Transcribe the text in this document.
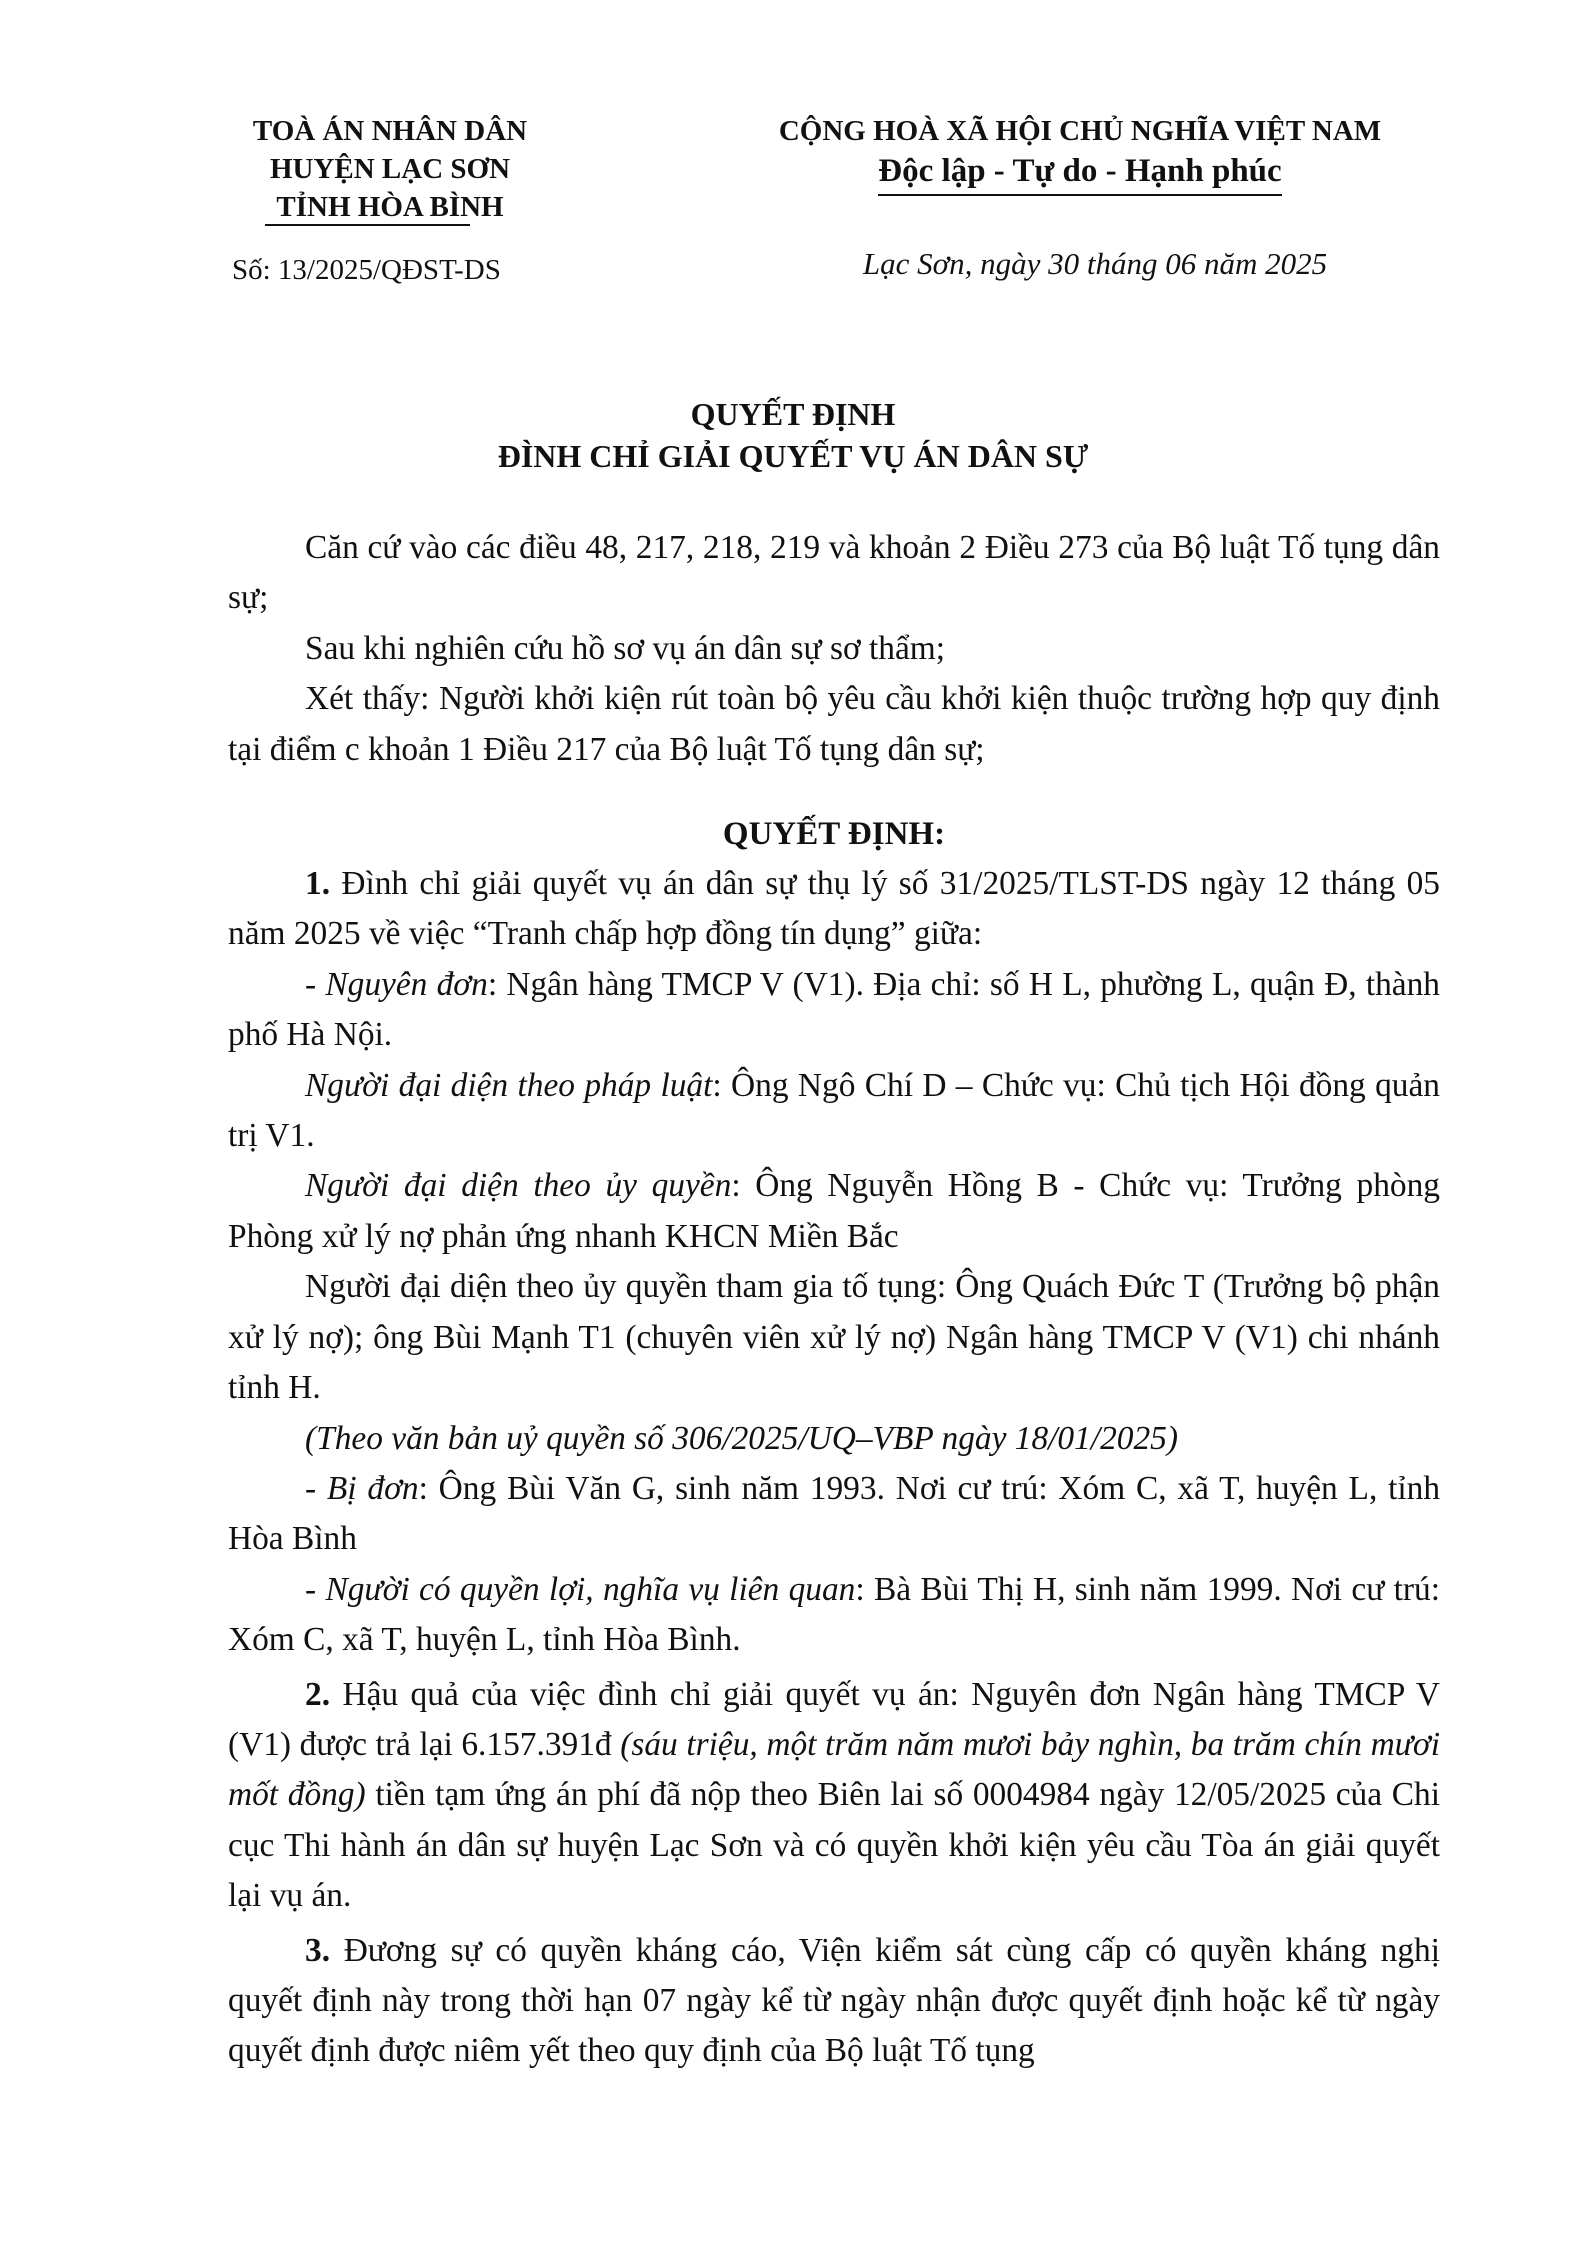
TOÀ ÁN NHÂN DÂN
HUYỆN LẠC SƠN
TỈNH HÒA BÌNH
CỘNG HOÀ XÃ HỘI CHỦ NGHĨA VIỆT NAM
Độc lập - Tự do - Hạnh phúc
Số: 13/2025/QĐST-DS	Lạc Sơn, ngày 30 tháng 06 năm 2025
QUYẾT ĐỊNH
ĐÌNH CHỈ GIẢI QUYẾT VỤ ÁN DÂN SỰ

Căn cứ vào các điều 48, 217, 218, 219 và khoản 2 Điều 273 của Bộ luật Tố tụng dân sự;

Sau khi nghiên cứu hồ sơ vụ án dân sự sơ thẩm;

Xét thấy: Người khởi kiện rút toàn bộ yêu cầu khởi kiện thuộc trường hợp quy định tại điểm c khoản 1 Điều 217 của Bộ luật Tố tụng dân sự;

QUYẾT ĐỊNH:

1. Đình chỉ giải quyết vụ án dân sự thụ lý số 31/2025/TLST-DS ngày 12 tháng 05 năm 2025 về việc “Tranh chấp hợp đồng tín dụng” giữa:

- Nguyên đơn: Ngân hàng TMCP V (V1). Địa chỉ: số H L, phường L, quận Đ, thành phố Hà Nội.

Người đại diện theo pháp luật: Ông Ngô Chí D – Chức vụ: Chủ tịch Hội đồng quản trị V1.

Người đại diện theo ủy quyền: Ông Nguyễn Hồng B - Chức vụ: Trưởng phòng Phòng xử lý nợ phản ứng nhanh KHCN Miền Bắc

Người đại diện theo ủy quyền tham gia tố tụng: Ông Quách Đức T (Trưởng bộ phận xử lý nợ); ông Bùi Mạnh T1 (chuyên viên xử lý nợ) Ngân hàng TMCP V (V1) chi nhánh tỉnh H.

(Theo văn bản uỷ quyền số 306/2025/UQ–VBP ngày 18/01/2025)

- Bị đơn: Ông Bùi Văn G, sinh năm 1993. Nơi cư trú: Xóm C, xã T, huyện L, tỉnh Hòa Bình

- Người có quyền lợi, nghĩa vụ liên quan: Bà Bùi Thị H, sinh năm 1999. Nơi cư trú: Xóm C, xã T, huyện L, tỉnh Hòa Bình.

2. Hậu quả của việc đình chỉ giải quyết vụ án: Nguyên đơn Ngân hàng TMCP V (V1) được trả lại 6.157.391đ (sáu triệu, một trăm năm mươi bảy nghìn, ba trăm chín mươi mốt đồng) tiền tạm ứng án phí đã nộp theo Biên lai số 0004984 ngày 12/05/2025 của Chi cục Thi hành án dân sự huyện Lạc Sơn và có quyền khởi kiện yêu cầu Tòa án giải quyết lại vụ án.

3. Đương sự có quyền kháng cáo, Viện kiểm sát cùng cấp có quyền kháng nghị quyết định này trong thời hạn 07 ngày kể từ ngày nhận được quyết định hoặc kể từ ngày quyết định được niêm yết theo quy định của Bộ luật Tố tụng
